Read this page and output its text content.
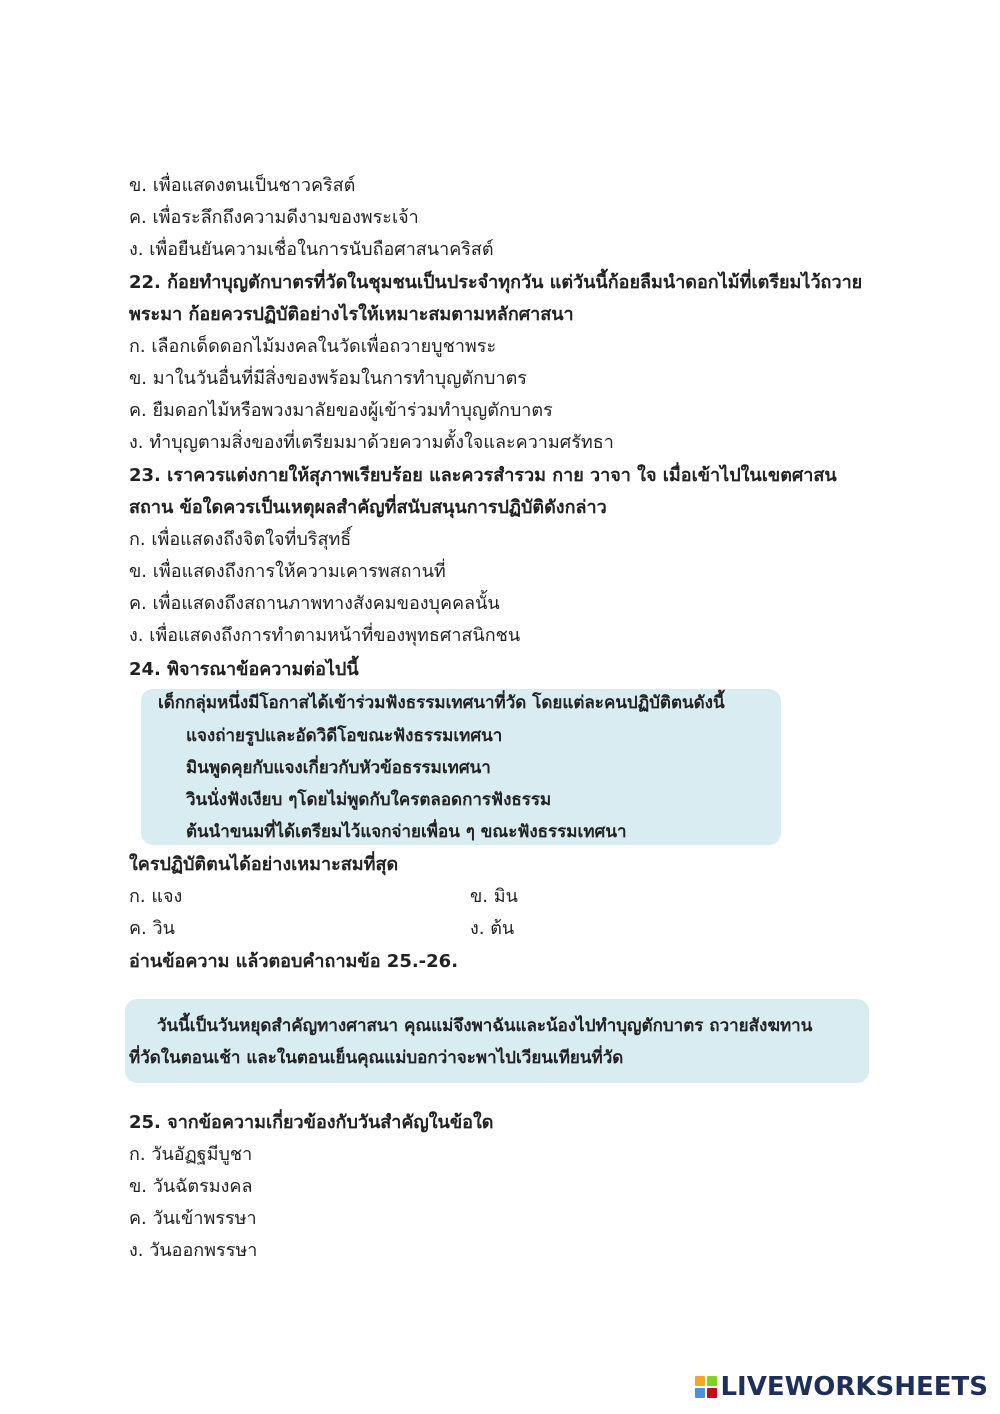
ข. เพื่อแสดงตนเป็นชาวคริสต์
ค. เพื่อระลึกถึงความดีงามของพระเจ้า
ง. เพื่อยืนยันความเชื่อในการนับถือศาสนาคริสต์
22. ก้อยทำบุญตักบาตรที่วัดในชุมชนเป็นประจำทุกวัน แต่วันนี้ก้อยลืมนำดอกไม้ที่เตรียมไว้ถวาย
พระมา ก้อยควรปฏิบัติอย่างไรให้เหมาะสมตามหลักศาสนา
ก. เลือกเด็ดดอกไม้มงคลในวัดเพื่อถวายบูชาพระ
ข. มาในวันอื่นที่มีสิ่งของพร้อมในการทำบุญตักบาตร
ค. ยืมดอกไม้หรือพวงมาลัยของผู้เข้าร่วมทำบุญตักบาตร
ง. ทำบุญตามสิ่งของที่เตรียมมาด้วยความตั้งใจและความศรัทธา
23. เราควรแต่งกายให้สุภาพเรียบร้อย และควรสำรวม กาย วาจา ใจ เมื่อเข้าไปในเขตศาสน
สถาน ข้อใดควรเป็นเหตุผลสำคัญที่สนับสนุนการปฏิบัติดังกล่าว
ก. เพื่อแสดงถึงจิตใจที่บริสุทธิ์
ข. เพื่อแสดงถึงการให้ความเคารพสถานที่
ค. เพื่อแสดงถึงสถานภาพทางสังคมของบุคคลนั้น
ง. เพื่อแสดงถึงการทำตามหน้าที่ของพุทธศาสนิกชน
24. พิจารณาข้อความต่อไปนี้
เด็กกลุ่มหนึ่งมีโอกาสได้เข้าร่วมฟังธรรมเทศนาที่วัด โดยแต่ละคนปฏิบัติตนดังนี้
แจงถ่ายรูปและอัดวิดีโอขณะฟังธรรมเทศนา
มินพูดคุยกับแจงเกี่ยวกับหัวข้อธรรมเทศนา
วินนั่งฟังเงียบ ๆโดยไม่พูดกับใครตลอดการฟังธรรม
ต้นนำขนมที่ได้เตรียมไว้แจกจ่ายเพื่อน ๆ ขณะฟังธรรมเทศนา
ใครปฏิบัติตนได้อย่างเหมาะสมที่สุด
ก. แจง	ข. มิน
ค. วิน	ง. ต้น
อ่านข้อความ แล้วตอบคำถามข้อ 25.-26.
วันนี้เป็นวันหยุดสำคัญทางศาสนา คุณแม่จึงพาฉันและน้องไปทำบุญตักบาตร ถวายสังฆทาน
ที่วัดในตอนเช้า และในตอนเย็นคุณแม่บอกว่าจะพาไปเวียนเทียนที่วัด
25. จากข้อความเกี่ยวข้องกับวันสำคัญในข้อใด
ก. วันอัฏฐมีบูชา
ข. วันฉัตรมงคล
ค. วันเข้าพรรษา
ง. วันออกพรรษา
LIVEWORKSHEETS
